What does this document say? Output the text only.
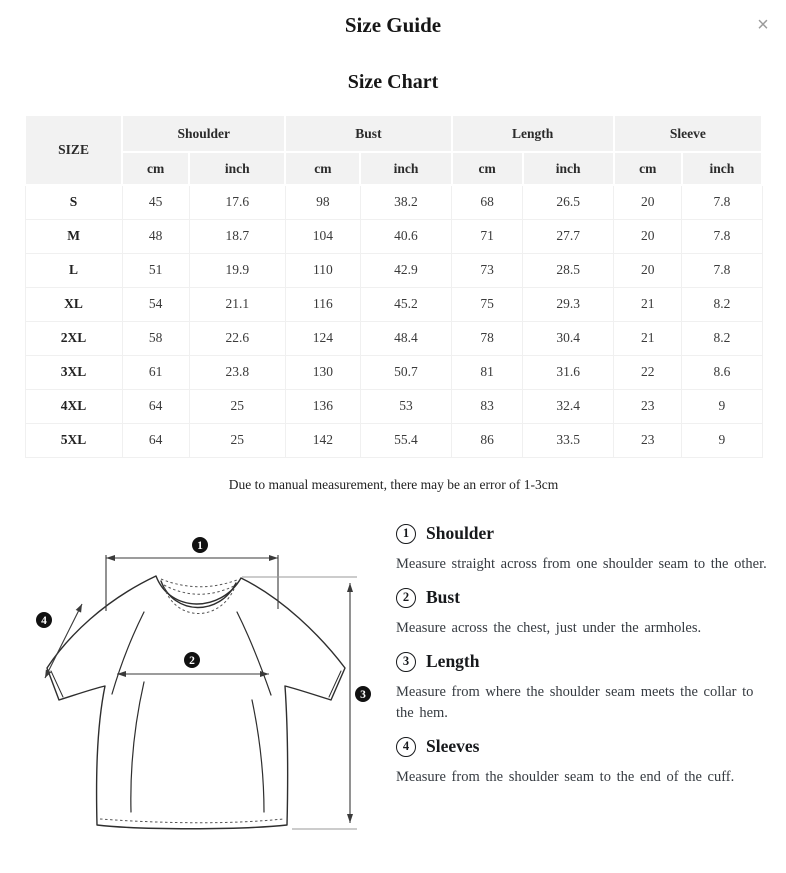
×
Size Guide
Size Chart
SIZE	Shoulder		Bust		Length		Sleeve	
	cm	inch	cm	inch	cm	inch	cm	inch
S	45	17.6	98	38.2	68	26.5	20	7.8
M	48	18.7	104	40.6	71	27.7	20	7.8
L	51	19.9	110	42.9	73	28.5	20	7.8
XL	54	21.1	116	45.2	75	29.3	21	8.2
2XL	58	22.6	124	48.4	78	30.4	21	8.2
3XL	61	23.8	130	50.7	81	31.6	22	8.6
4XL	64	25	136	53	83	32.4	23	9
5XL	64	25	142	55.4	86	33.5	23	9
Due to manual measurement, there may be an error of 1-3cm
1
2
3
4
1 Shoulder

Measure straight across from one shoulder seam to the other.

2 Bust

Measure across the chest, just under the armholes.

3 Length

Measure from where the shoulder seam meets the collar to the hem.

4 Sleeves

Measure from the shoulder seam to the end of the cuff.
